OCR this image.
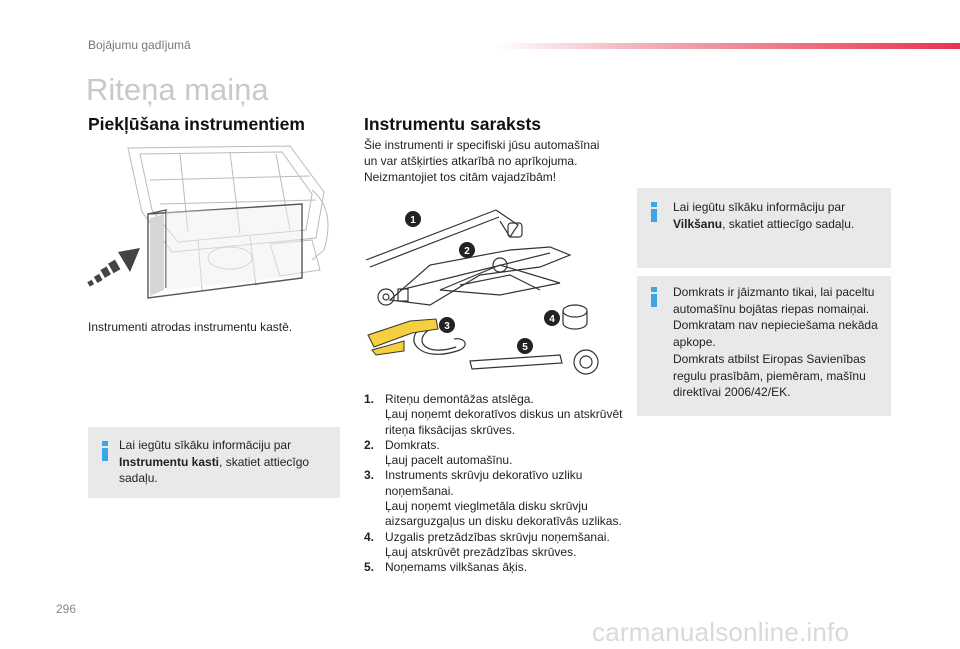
Bojājumu gadījumā
Riteņa maiņa
Piekļūšana instrumentiem
Instrumenti atrodas instrumentu kastē.
Lai iegūtu sīkāku informāciju par Instrumentu kasti, skatiet attiecīgo sadaļu.
Instrumentu saraksts
Šie instrumenti ir specifiski jūsu automašīnai un var atšķirties atkarībā no aprīkojuma. Neizmantojiet tos citām vajadzībām!
1
2
3
4
5
1. Riteņu demontāžas atslēga.
Ļauj noņemt dekoratīvos diskus un atskrūvēt riteņa fiksācijas skrūves.
2. Domkrats.
Ļauj pacelt automašīnu.
3. Instruments skrūvju dekoratīvo uzliku noņemšanai.
Ļauj noņemt vieglmetāla disku skrūvju aizsarguzgaļus un disku dekoratīvās uzlikas.
4. Uzgalis pretzādzības skrūvju noņemšanai.
Ļauj atskrūvēt prezādzības skrūves.
5. Noņemams vilkšanas āķis.
Lai iegūtu sīkāku informāciju par Vilkšanu, skatiet attiecīgo sadaļu.
Domkrats ir jāizmanto tikai, lai paceltu automašīnu bojātas riepas nomaiņai. Domkratam nav nepieciešama nekāda apkope.
Domkrats atbilst Eiropas Savienības regulu prasībām, piemēram, mašīnu direktīvai 2006/42/EK.
296
carmanualsonline.info
